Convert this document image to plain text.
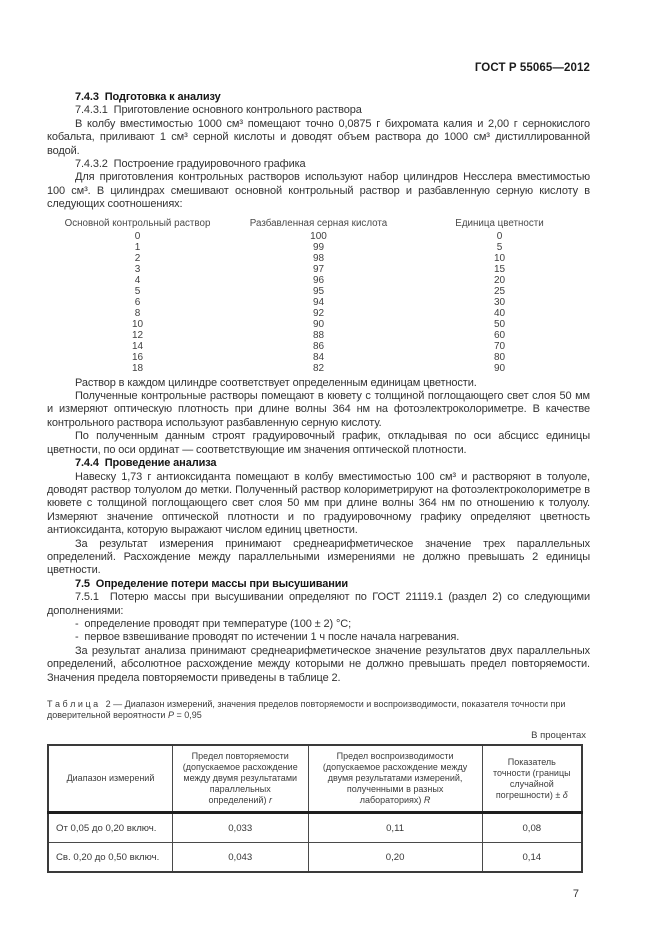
ГОСТ Р 55065—2012

7.4.3  Подготовка к анализу

7.4.3.1  Приготовление основного контрольного раствора

В колбу вместимостью 1000 см³ помещают точно 0,0875 г бихромата калия и 2,00 г сернокислого кобальта, приливают 1 см³ серной кислоты и доводят объем раствора до 1000 см³ дистиллированной водой.

7.4.3.2  Построение градуировочного графика

Для приготовления контрольных растворов используют набор цилиндров Несслера вместимостью 100 см³. В цилиндрах смешивают основной контрольный раствор и разбавленную серную кислоту в следующих соотношениях:

Основной контрольный раствор	Разбавленная серная кислота	Единица цветности
0	100	0
1	99	5
2	98	10
3	97	15
4	96	20
5	95	25
6	94	30
8	92	40
10	90	50
12	88	60
14	86	70
16	84	80
18	82	90

Раствор в каждом цилиндре соответствует определенным единицам цветности.

Полученные контрольные растворы помещают в кювету с толщиной поглощающего свет слоя 50 мм и измеряют оптическую плотность при длине волны 364 нм на фотоэлектроколориметре. В качестве контрольного раствора используют разбавленную серную кислоту.

По полученным данным строят градуировочный график, откладывая по оси абсцисс единицы цветности, по оси ординат — соответствующие им значения оптической плотности.

7.4.4  Проведение анализа

Навеску 1,73 г антиоксиданта помещают в колбу вместимостью 100 см³ и растворяют в толуоле, доводят раствор толуолом до метки. Полученный раствор колориметрируют на фотоэлектроколориметре в кювете с толщиной поглощающего свет слоя 50 мм при длине волны 364 нм по отношению к толуолу. Измеряют значение оптической плотности и по градуировочному графику определяют цветность антиоксиданта, которую выражают числом единиц цветности.

За результат измерения принимают среднеарифметическое значение трех параллельных определений. Расхождение между параллельными измерениями не должно превышать 2 единицы цветности.

7.5  Определение потери массы при высушивании

7.5.1  Потерю массы при высушивании определяют по ГОСТ 21119.1 (раздел 2) со следующими дополнениями:

-  определение проводят при температуре (100 ± 2) °С;

-  первое взвешивание проводят по истечении 1 ч после начала нагревания.

За результат анализа принимают среднеарифметическое значение результатов двух параллельных определений, абсолютное расхождение между которыми не должно превышать предел повторяемости. Значения предела повторяемости приведены в таблице 2.

Т а б л и ц а   2 — Диапазон измерений, значения пределов повторяемости и воспроизводимости, показателя точности при доверительной вероятности P = 0,95

В процентах
Диапазон измерений	Предел повторяемости (допускаемое расхождение между двумя результатами параллельных определений) r	Предел воспроизводимости (допускаемое расхождение между двумя результатами измерений, полученными в разных лабораториях) R	Показатель точности (границы случайной погрешности) ± δ
От 0,05 до 0,20 включ.	0,033	0,11	0,08
Св. 0,20 до 0,50 включ.	0,043	0,20	0,14
7
